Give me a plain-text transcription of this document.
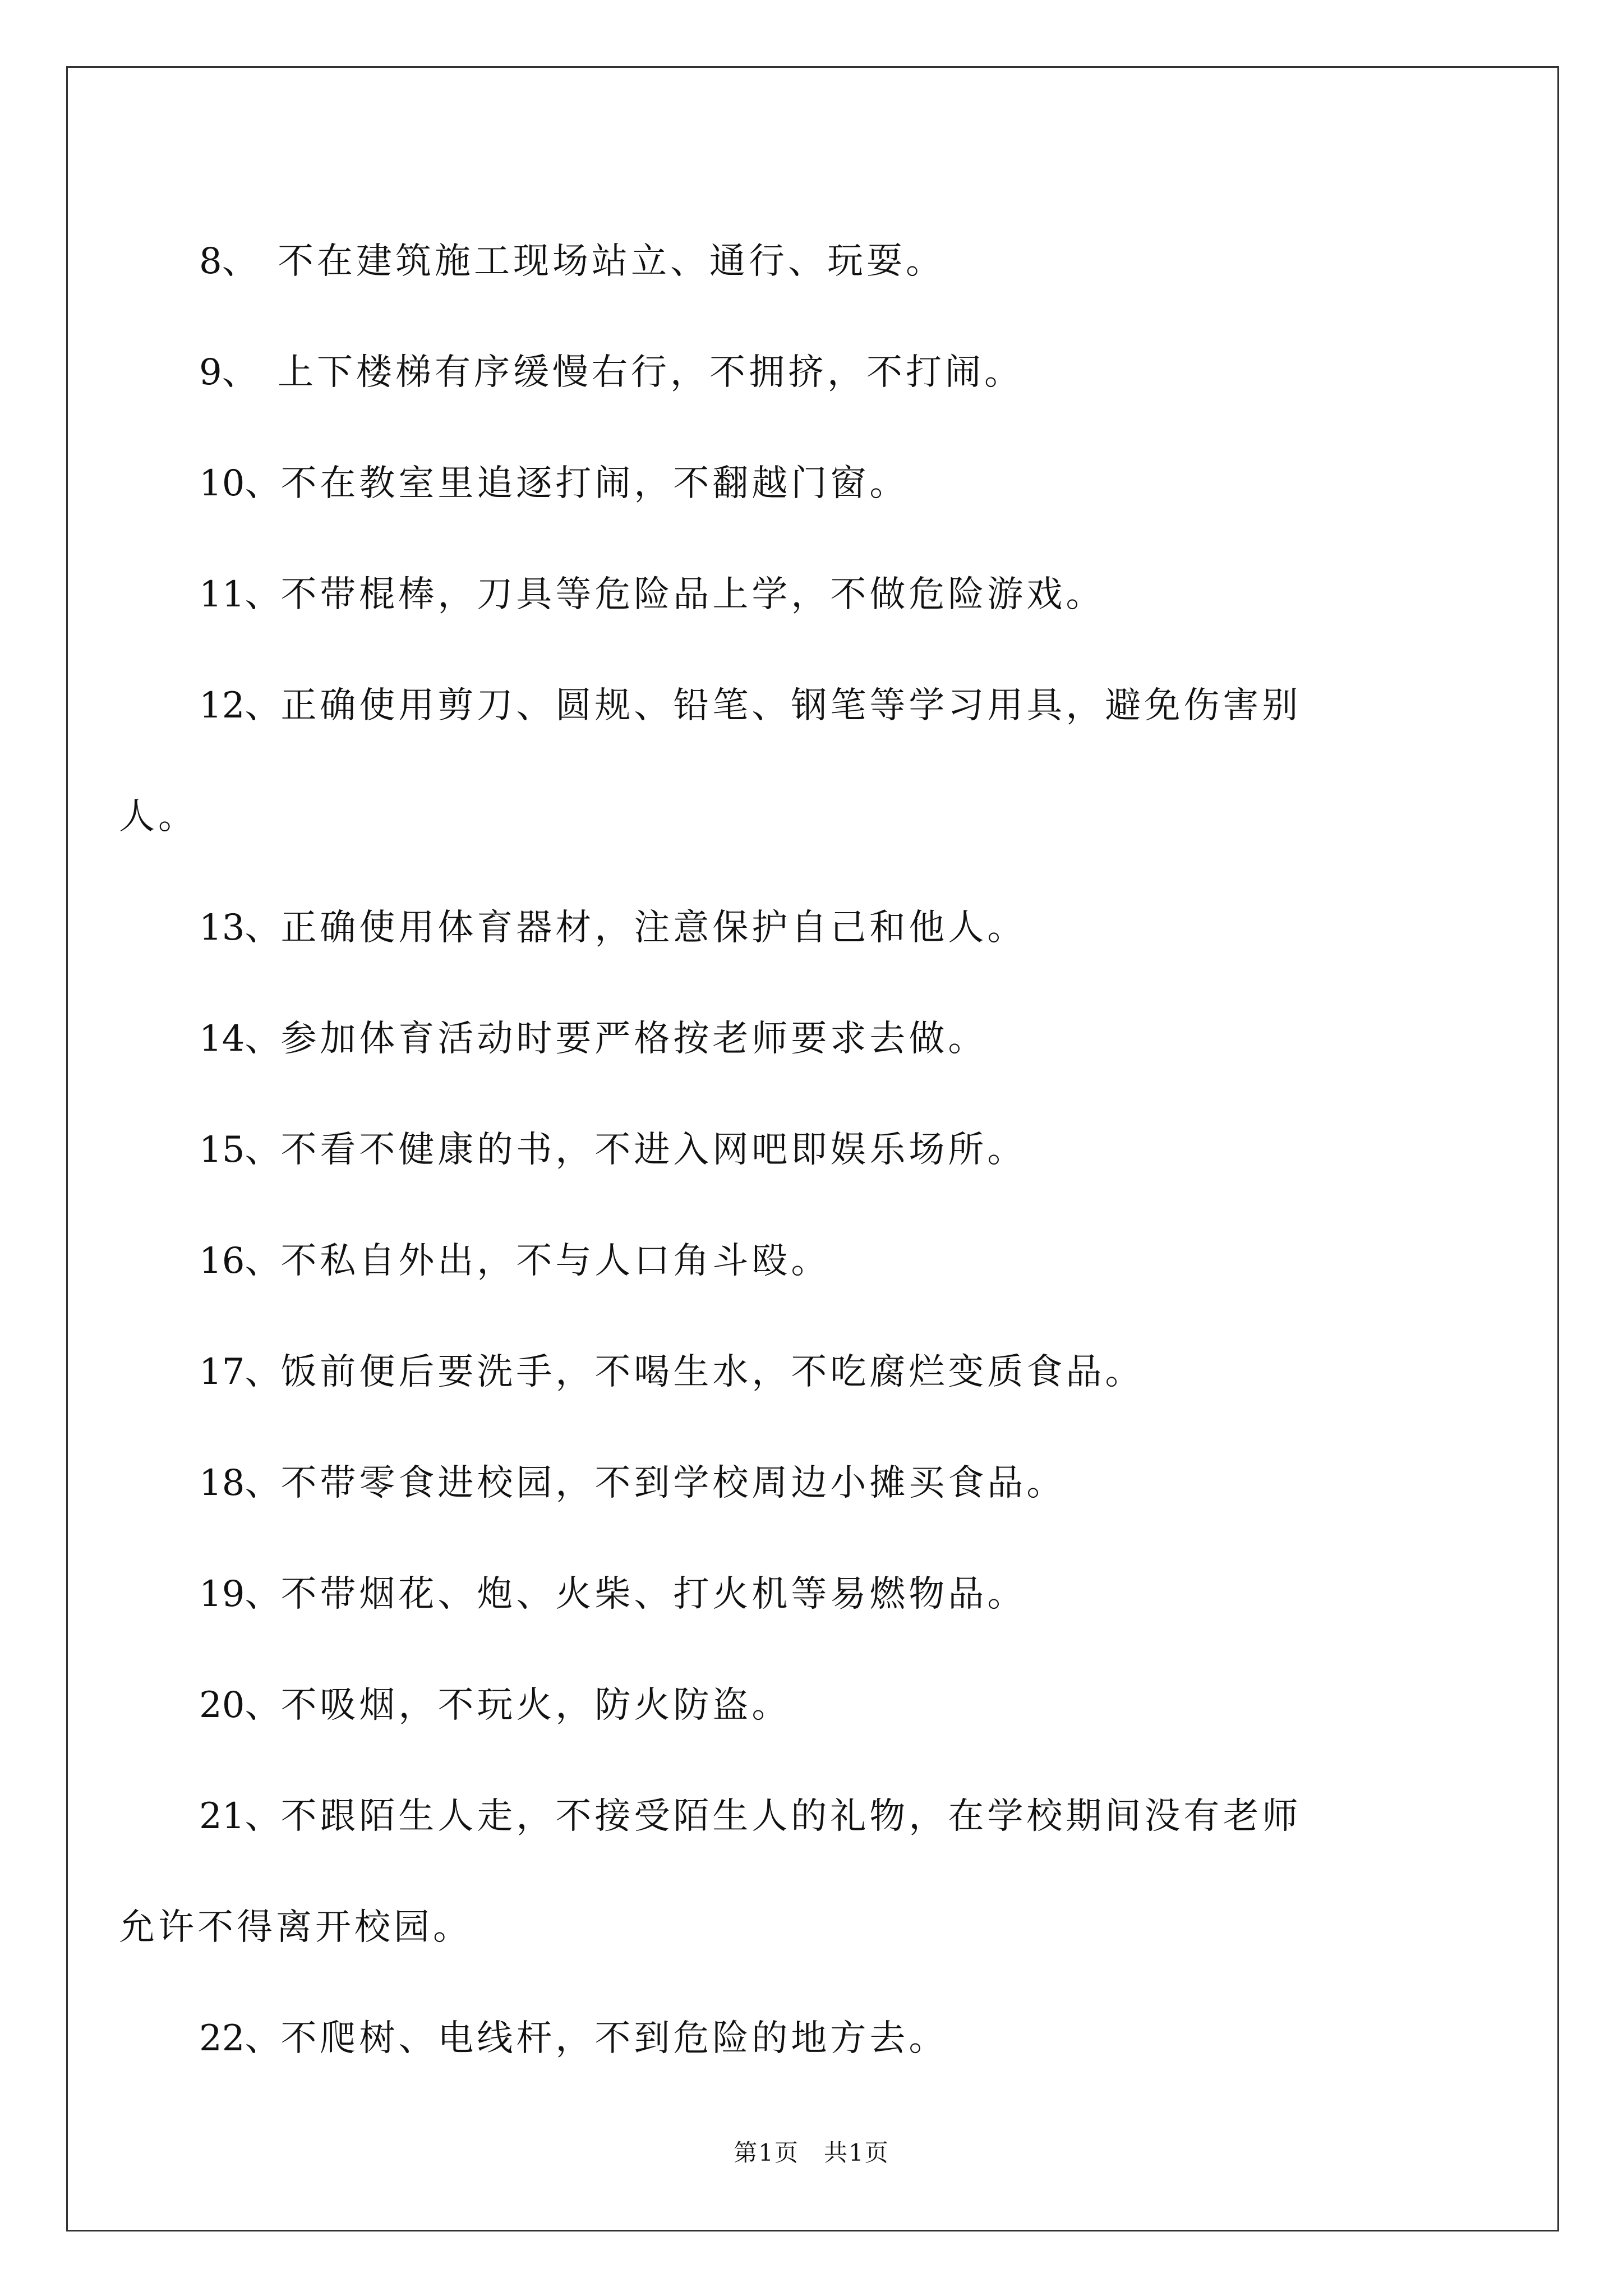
8、 不在建筑施工现场站立、通行、玩耍。
9、 上下楼梯有序缓慢右行，不拥挤，不打闹。
10、不在教室里追逐打闹，不翻越门窗。
11、不带棍棒，刀具等危险品上学，不做危险游戏。
12、正确使用剪刀、圆规、铅笔、钢笔等学习用具，避免伤害别
人。
13、正确使用体育器材，注意保护自己和他人。
14、参加体育活动时要严格按老师要求去做。
15、不看不健康的书，不进入网吧即娱乐场所。
16、不私自外出，不与人口角斗殴。
17、饭前便后要洗手，不喝生水，不吃腐烂变质食品。
18、不带零食进校园，不到学校周边小摊买食品。
19、不带烟花、炮、火柴、打火机等易燃物品。
20、不吸烟，不玩火，防火防盗。
21、不跟陌生人走，不接受陌生人的礼物，在学校期间没有老师
允许不得离开校园。
22、不爬树、电线杆，不到危险的地方去。
第1页　共1页
